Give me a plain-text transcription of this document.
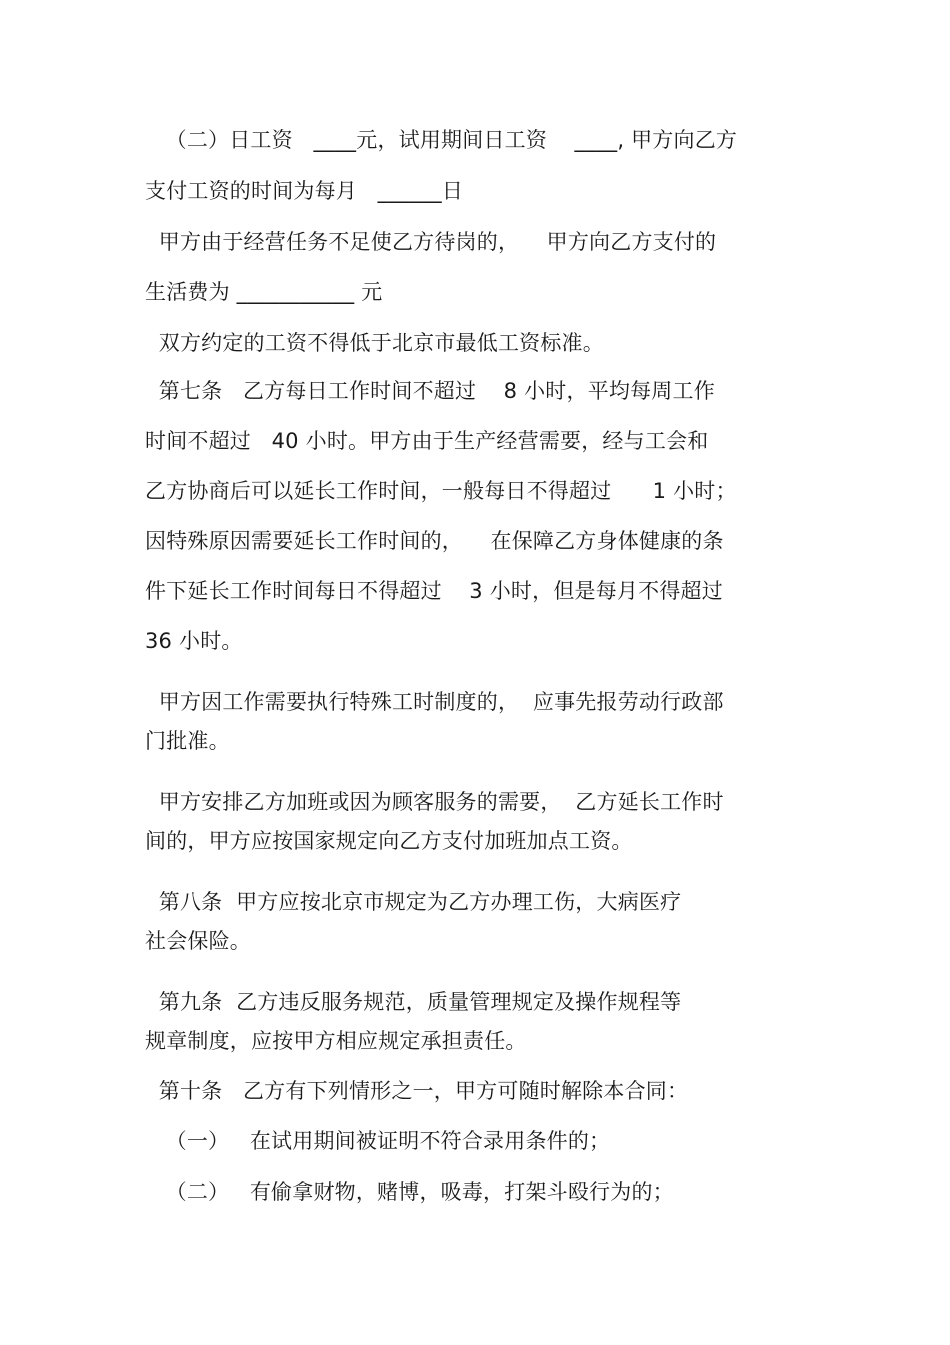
（二）日工资   ____元，试用期间日工资    ____, 甲方向乙方
支付工资的时间为每月   ______日
甲方由于经营任务不足使乙方待岗的，    甲方向乙方支付的
生活费为 ___________ 元
双方约定的工资不得低于北京市最低工资标准。
第七条   乙方每日工作时间不超过    8 小时，平均每周工作
时间不超过   40 小时。甲方由于生产经营需要，经与工会和
乙方协商后可以延长工作时间，一般每日不得超过      1 小时；
因特殊原因需要延长工作时间的，    在保障乙方身体健康的条
件下延长工作时间每日不得超过    3 小时，但是每月不得超过
36 小时。
甲方因工作需要执行特殊工时制度的，  应事先报劳动行政部
门批准。
甲方安排乙方加班或因为顾客服务的需要，  乙方延长工作时
间的，甲方应按国家规定向乙方支付加班加点工资。
第八条  甲方应按北京市规定为乙方办理工伤，大病医疗
社会保险。
第九条  乙方违反服务规范，质量管理规定及操作规程等
规章制度，应按甲方相应规定承担责任。
第十条   乙方有下列情形之一，甲方可随时解除本合同：
（一）   在试用期间被证明不符合录用条件的；
（二）   有偷拿财物，赌博，吸毒，打架斗殴行为的；
